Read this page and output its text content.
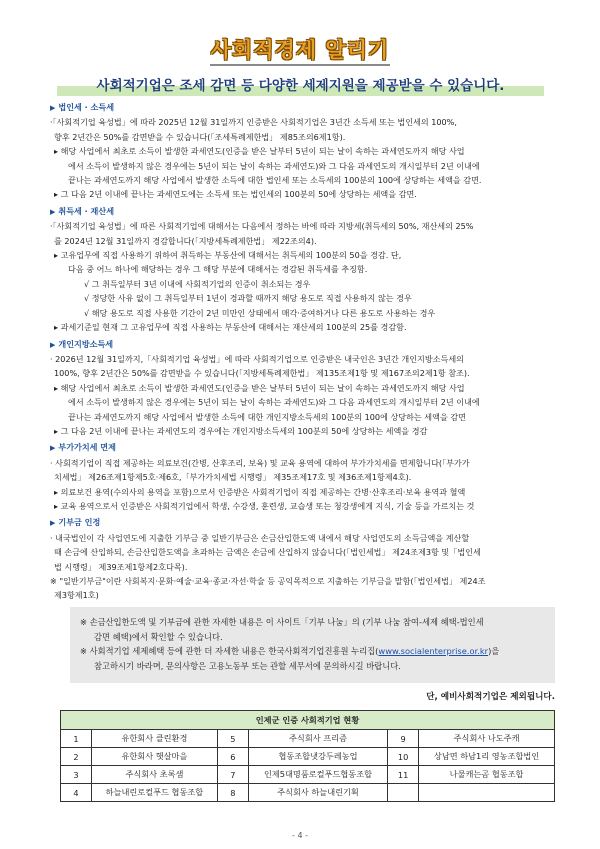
사회적경제 알리기
사회적기업은 조세 감면 등 다양한 세제지원을 제공받을 수 있습니다.
▶ 법인세 · 소득세
·「사회적기업 육성법」에 따라 2025년 12월 31일까지 인증받은 사회적기업은 3년간 소득세 또는 법인세의 100%,
향후 2년간은 50%를 감면받을 수 있습니다(「조세특례제한법」 제85조의6제1항).
▸ 해당 사업에서 최초로 소득이 발생한 과세연도(인증을 받은 날부터 5년이 되는 날이 속하는 과세연도까지 해당 사업
에서 소득이 발생하지 않은 경우에는 5년이 되는 날이 속하는 과세연도)와 그 다음 과세연도의 개시일부터 2년 이내에
끝나는 과세연도까지 해당 사업에서 발생한 소득에 대한 법인세 또는 소득세의 100분의 100에 상당하는 세액을 감면.
▸ 그 다음 2년 이내에 끝나는 과세연도에는 소득세 또는 법인세의 100분의 50에 상당하는 세액을 감면.
▶ 취득세 · 재산세
·「사회적기업 육성법」에 따른 사회적기업에 대해서는 다음에서 정하는 바에 따라 지방세(취득세의 50%, 재산세의 25%
를 2024년 12월 31일까지 경감합니다(「지방세특례제한법」 제22조의4).
▸ 고유업무에 직접 사용하기 위하여 취득하는 부동산에 대해서는 취득세의 100분의 50을 경감. 단,
다음 중 어느 하나에 해당하는 경우 그 해당 부분에 대해서는 경감된 취득세를 추징함.
√ 그 취득일부터 3년 이내에 사회적기업의 인증이 취소되는 경우
√ 정당한 사유 없이 그 취득일부터 1년이 경과할 때까지 해당 용도로 직접 사용하지 않는 경우
√ 해당 용도로 직접 사용한 기간이 2년 미만인 상태에서 매각·증여하거나 다른 용도로 사용하는 경우
▸ 과세기준일 현재 그 고유업무에 직접 사용하는 부동산에 대해서는 재산세의 100분의 25를 경감함.
▶ 개인지방소득세
· 2026년 12월 31일까지,「사회적기업 육성법」에 따라 사회적기업으로 인증받은 내국인은 3년간 개인지방소득세의
100%, 향후 2년간은 50%를 감면받을 수 있습니다(「지방세특례제한법」 제135조제1항 및 제167조의2제1항 참조).
▸ 해당 사업에서 최초로 소득이 발생한 과세연도(인증을 받은 날부터 5년이 되는 날이 속하는 과세연도까지 해당 사업
에서 소득이 발생하지 않은 경우에는 5년이 되는 날이 속하는 과세연도)와 그 다음 과세연도의 개시일부터 2년 이내에
끝나는 과세연도까지 해당 사업에서 발생한 소득에 대한 개인지방소득세의 100분의 100에 상당하는 세액을 감면
▸ 그 다음 2년 이내에 끝나는 과세연도의 경우에는 개인지방소득세의 100분의 50에 상당하는 세액을 경감
▶ 부가가치세 면제
· 사회적기업이 직접 제공하는 의료보건(간병, 산후조리, 보육) 및 교육 용역에 대하여 부가가치세를 면제합니다(「부가가
치세법」 제26조제1항제5호·제6호,「부가가치세법 시행령」 제35조제17호 및 제36조제1항제4호).
▸ 의료보건 용역(수의사의 용역을 포함)으로서 인증받은 사회적기업이 직접 제공하는 간병·산후조리·보육 용역과 혈액
▸ 교육 용역으로서 인증받은 사회적기업에서 학생, 수강생, 훈련생, 교습생 또는 청강생에게 지식, 기술 등을 가르치는 것
▶ 기부금 인정
· 내국법인이 각 사업연도에 지출한 기부금 중 일반기부금은 손금산입한도액 내에서 해당 사업연도의 소득금액을 계산할
때 손금에 산입하되, 손금산입한도액을 초과하는 금액은 손금에 산입하지 않습니다(「법인세법」 제24조제3항 및「법인세
법 시행령」 제39조제1항제2호다목).
※ "일반기부금"이란 사회복지·문화·예술·교육·종교·자선·학술 등 공익목적으로 지출하는 기부금을 말함(「법인세법」 제24조
제3항제1호)
※ 손금산입한도액 및 기부금에 관한 자세한 내용은 이 사이트「기부 나눔」의 (기부 나눔 참여-세제 혜택-법인세
감면 혜택)에서 확인할 수 있습니다.
※ 사회적기업 세제혜택 등에 관한 더 자세한 내용은 한국사회적기업진흥원 누리집(www.socialenterprise.or.kr)을
참고하시기 바라며, 문의사항은 고용노동부 또는 관할 세무서에 문의하시길 바랍니다.
단, 예비사회적기업은 제외됩니다.
인제군 인증 사회적기업 현황					
1	유한회사 클린환경	5	주식회사 프리즘	9	주식회사 나도주캐
2	유한회사 햇살마을	6	협동조합냇강두레농업	10	상남면 하남1리 영농조합법인
3	주식회사 초록샘	7	인제5대명품로컬푸드협동조합	11	나물캐는곰 협동조합
4	하늘내린로컬푸드 협동조합	8	주식회사 하늘내린기획		
- 4 -
